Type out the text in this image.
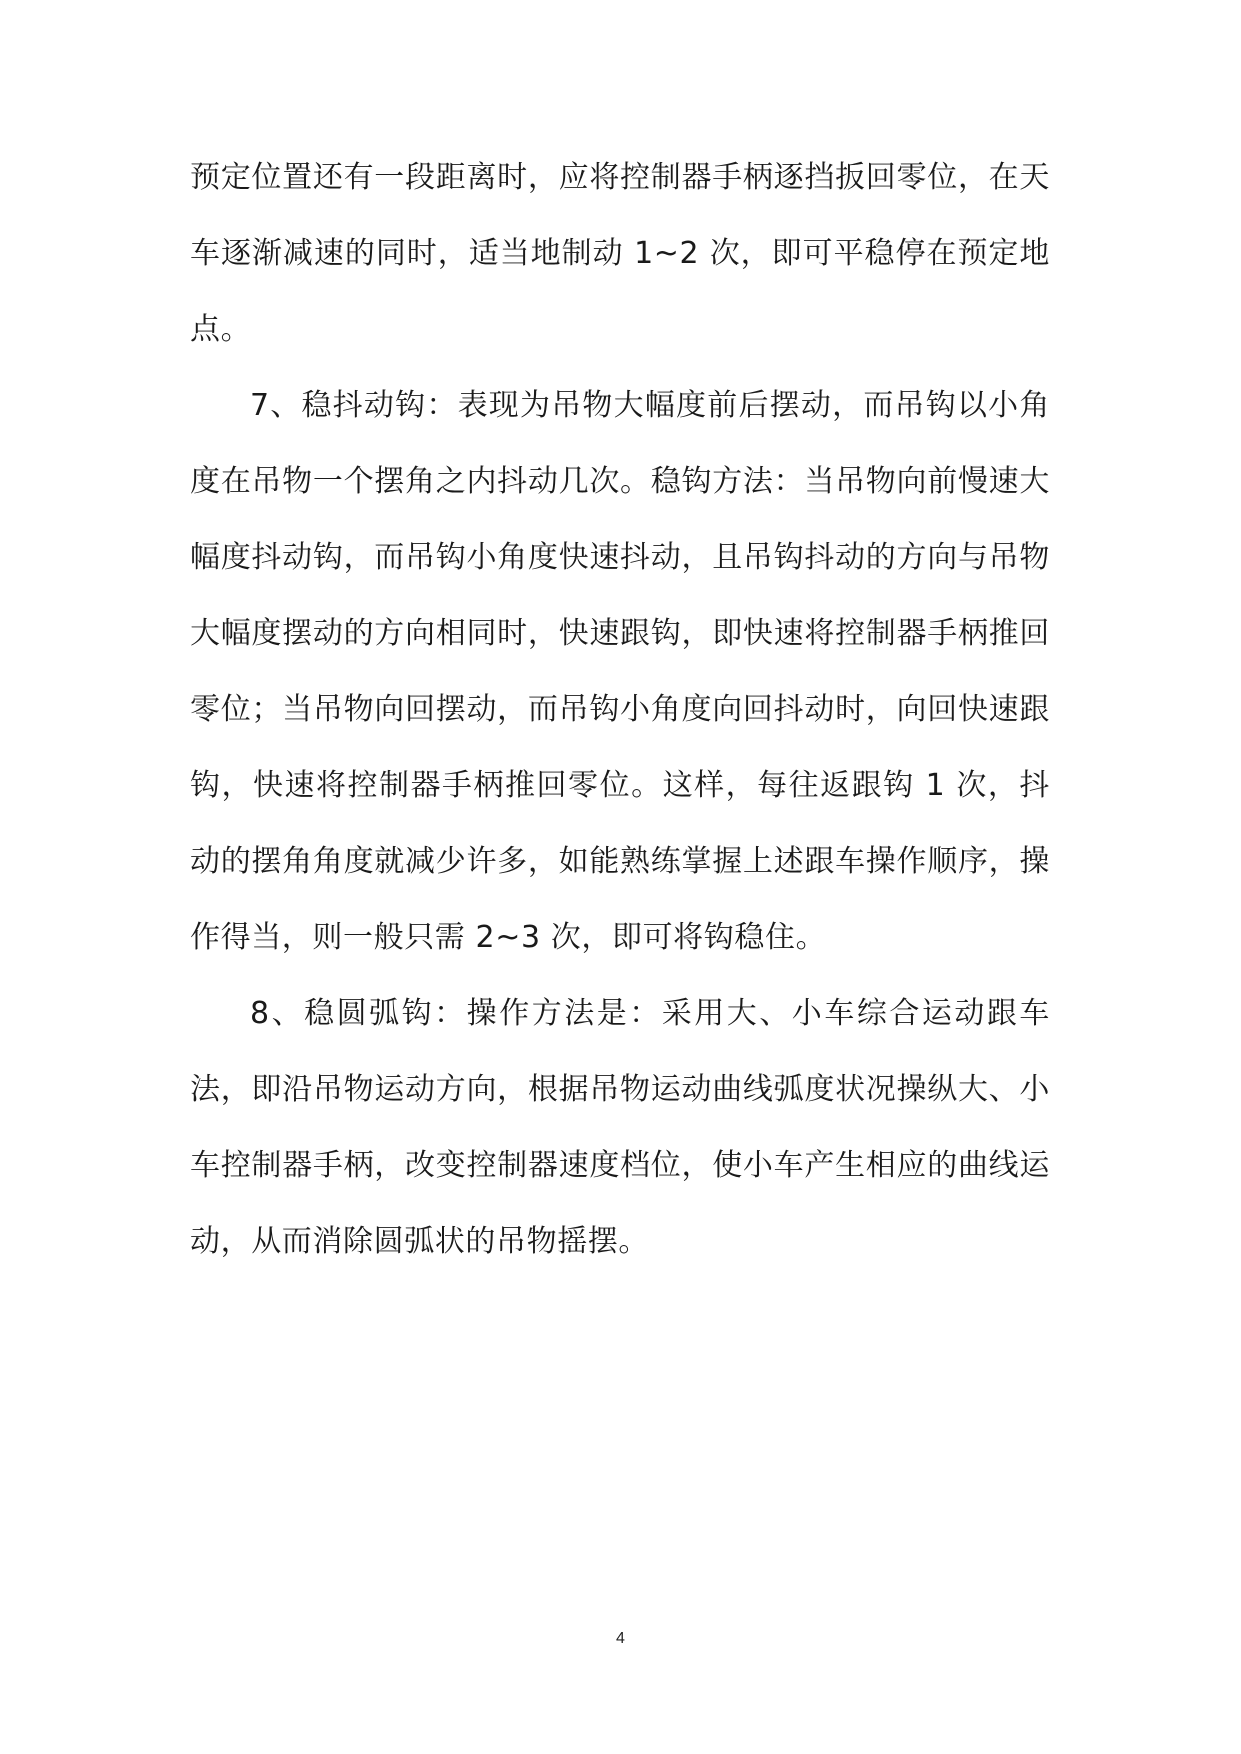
预定位置还有一段距离时，应将控制器手柄逐挡扳回零位，在天车逐渐减速的同时，适当地制动 1~2 次，即可平稳停在预定地点。

7、稳抖动钩：表现为吊物大幅度前后摆动，而吊钩以小角度在吊物一个摆角之内抖动几次。稳钩方法：当吊物向前慢速大幅度抖动钩，而吊钩小角度快速抖动，且吊钩抖动的方向与吊物大幅度摆动的方向相同时，快速跟钩，即快速将控制器手柄推回零位；当吊物向回摆动，而吊钩小角度向回抖动时，向回快速跟钩，快速将控制器手柄推回零位。这样，每往返跟钩 1 次，抖动的摆角角度就减少许多，如能熟练掌握上述跟车操作顺序，操作得当，则一般只需 2~3 次，即可将钩稳住。

8、稳圆弧钩：操作方法是：采用大、小车综合运动跟车法，即沿吊物运动方向，根据吊物运动曲线弧度状况操纵大、小车控制器手柄，改变控制器速度档位，使小车产生相应的曲线运动，从而消除圆弧状的吊物摇摆。

4
